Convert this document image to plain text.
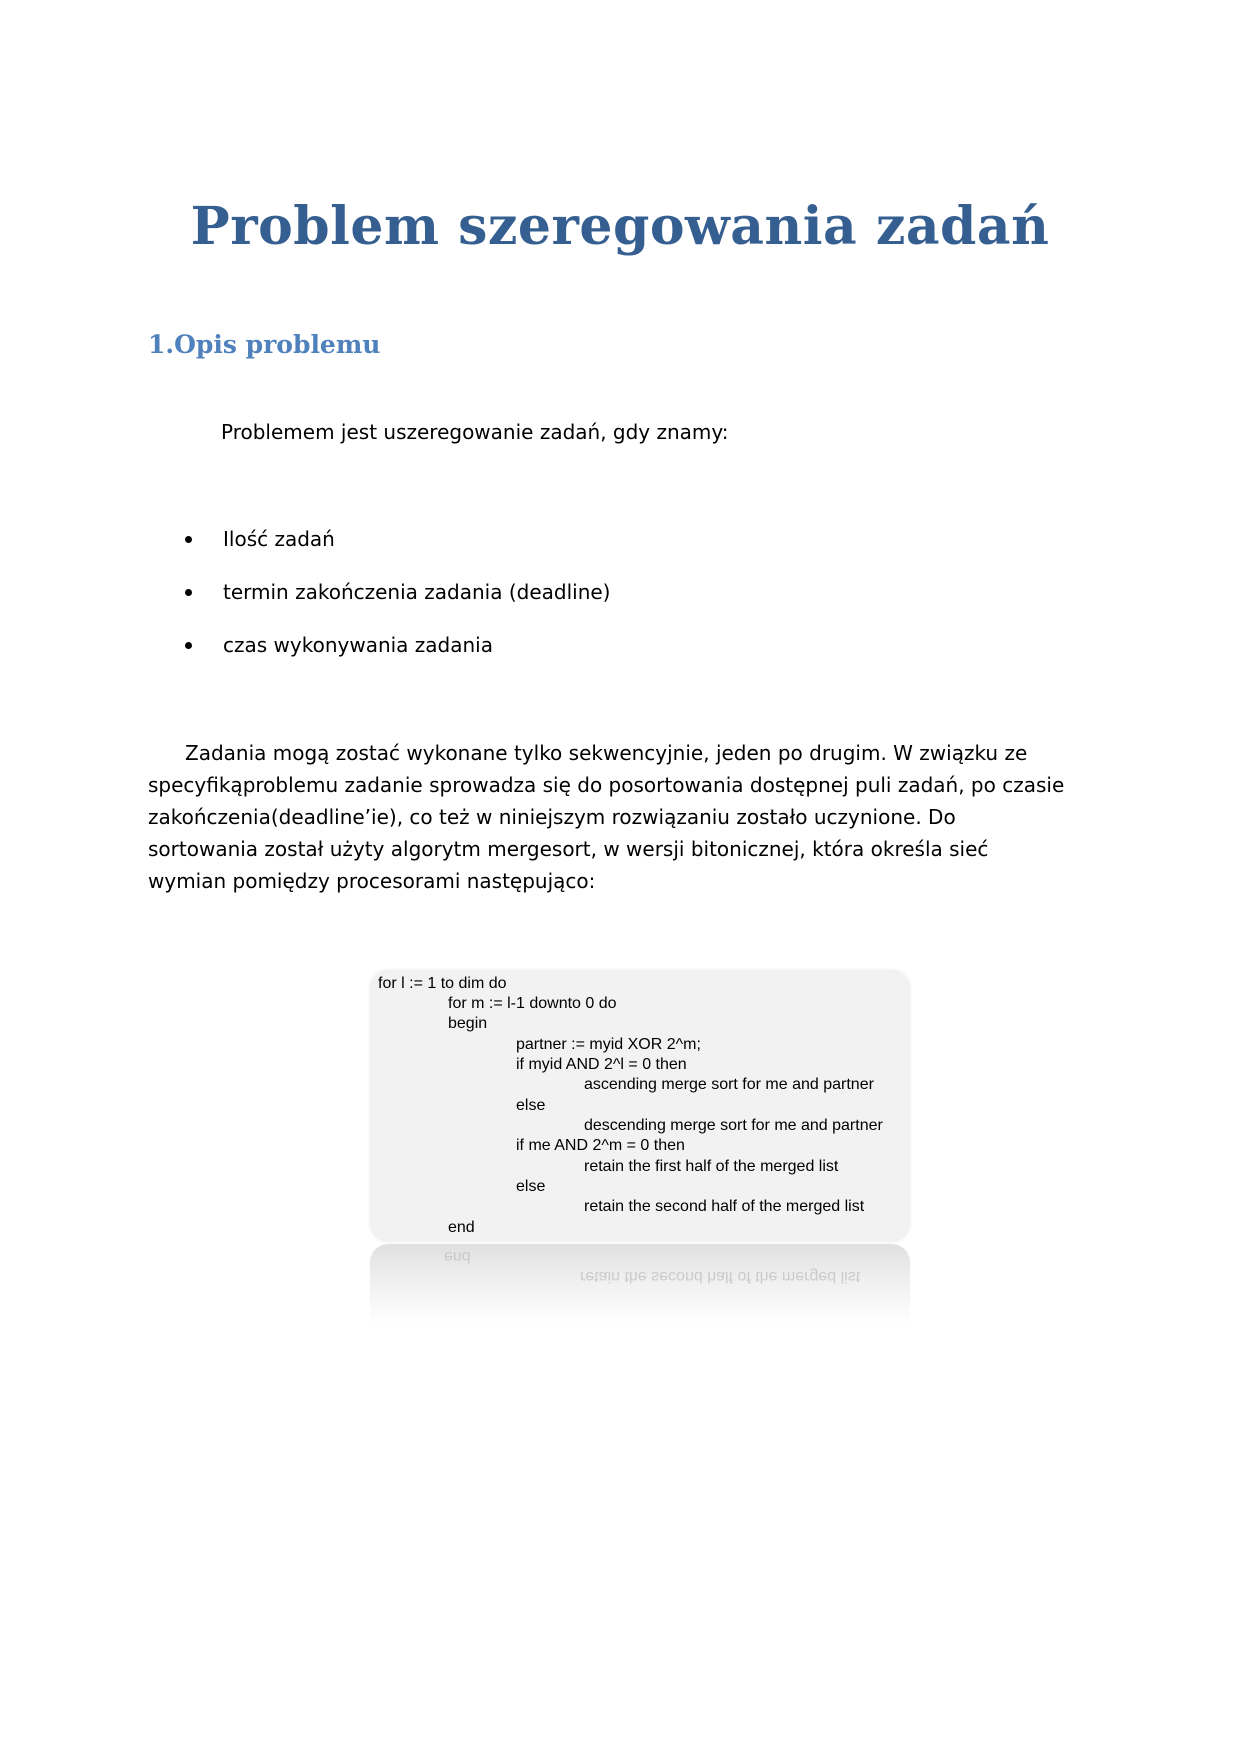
Problem szeregowania zadań
1.Opis problemu

Problemem jest uszeregowanie zadań, gdy znamy:

Ilość zadań
termin zakończenia zadania (deadline)
czas wykonywania zadania

Zadania mogą zostać wykonane tylko sekwencyjnie, jeden po drugim. W związku ze specyfikąproblemu zadanie sprowadza się do posortowania dostępnej puli zadań, po czasie zakończenia(deadline’ie), co też w niniejszym rozwiązaniu zostało uczynione. Do sortowania został użyty algorytm mergesort, w wersji bitonicznej, która określa sieć wymian pomiędzy procesorami następująco:

for l := 1 to dim do

for m := l-1 downto 0 do

begin

partner := myid XOR 2^m;

if myid AND 2^l = 0 then

ascending merge sort for me and partner

else

descending merge sort for me and partner

if me AND 2^m = 0 then

retain the first half of the merged list

else

retain the second half of the merged list

end

end

retain the second half of the merged list
